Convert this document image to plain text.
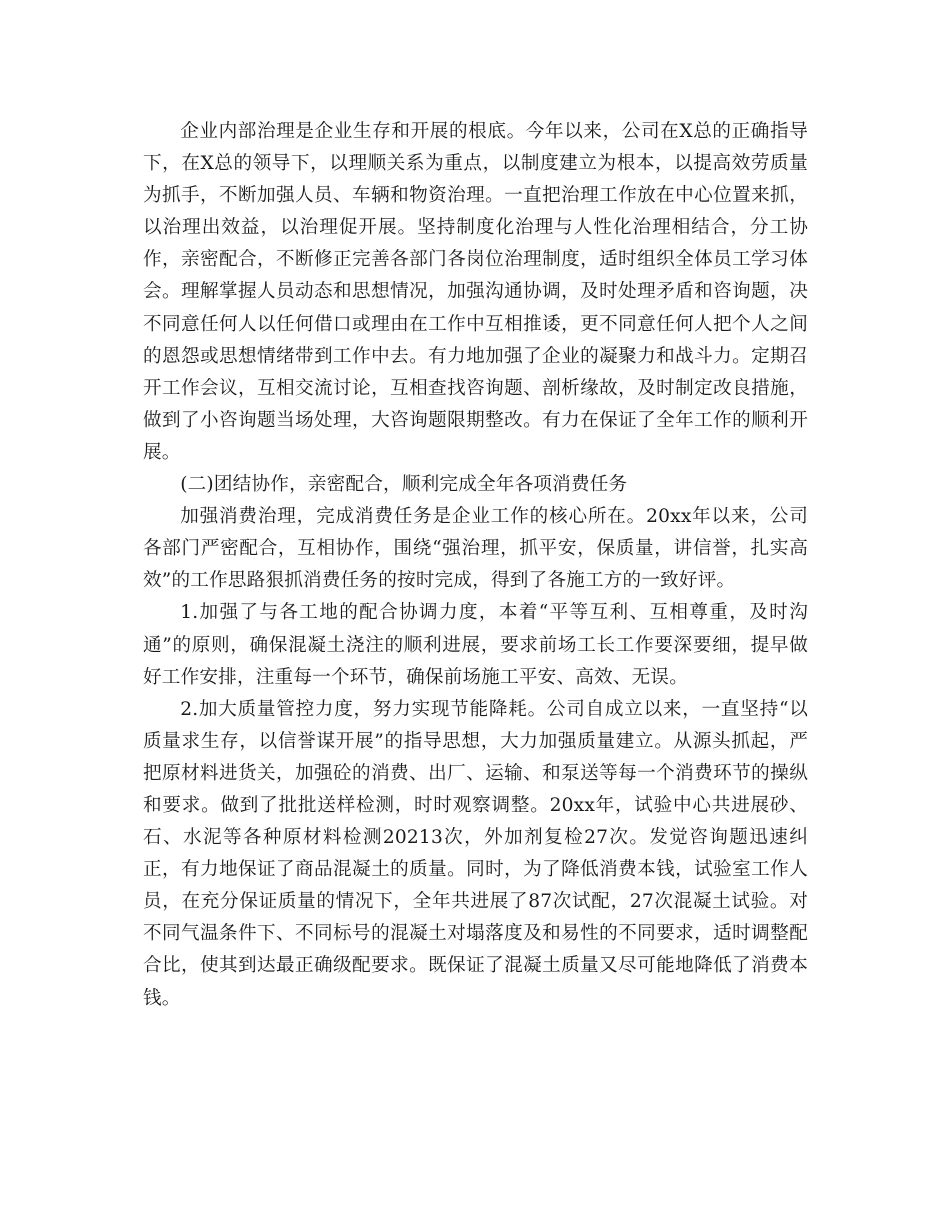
企业内部治理是企业生存和开展的根底。今年以来，公司在X总的正确指导下，在X总的领导下，以理顺关系为重点，以制度建立为根本，以提高效劳质量为抓手，不断加强人员、车辆和物资治理。一直把治理工作放在中心位置来抓，以治理出效益，以治理促开展。坚持制度化治理与人性化治理相结合，分工协作，亲密配合，不断修正完善各部门各岗位治理制度，适时组织全体员工学习体会。理解掌握人员动态和思想情况，加强沟通协调，及时处理矛盾和咨询题，决不同意任何人以任何借口或理由在工作中互相推诿，更不同意任何人把个人之间的恩怨或思想情绪带到工作中去。有力地加强了企业的凝聚力和战斗力。定期召开工作会议，互相交流讨论，互相查找咨询题、剖析缘故，及时制定改良措施，做到了小咨询题当场处理，大咨询题限期整改。有力在保证了全年工作的顺利开展。

(二)团结协作，亲密配合，顺利完成全年各项消费任务

加强消费治理，完成消费任务是企业工作的核心所在。20xx年以来，公司各部门严密配合，互相协作，围绕“强治理，抓平安，保质量，讲信誉，扎实高效”的工作思路狠抓消费任务的按时完成，得到了各施工方的一致好评。

1.加强了与各工地的配合协调力度，本着“平等互利、互相尊重，及时沟通”的原则，确保混凝土浇注的顺利进展，要求前场工长工作要深要细，提早做好工作安排，注重每一个环节，确保前场施工平安、高效、无误。

2.加大质量管控力度，努力实现节能降耗。公司自成立以来，一直坚持“以质量求生存，以信誉谋开展”的指导思想，大力加强质量建立。从源头抓起，严把原材料进货关，加强砼的消费、出厂、运输、和泵送等每一个消费环节的操纵和要求。做到了批批送样检测，时时观察调整。20xx年，试验中心共进展砂、石、水泥等各种原材料检测20213次，外加剂复检27次。发觉咨询题迅速纠正，有力地保证了商品混凝土的质量。同时，为了降低消费本钱，试验室工作人员，在充分保证质量的情况下，全年共进展了87次试配，27次混凝土试验。对不同气温条件下、不同标号的混凝土对塌落度及和易性的不同要求，适时调整配合比，使其到达最正确级配要求。既保证了混凝土质量又尽可能地降低了消费本钱。
